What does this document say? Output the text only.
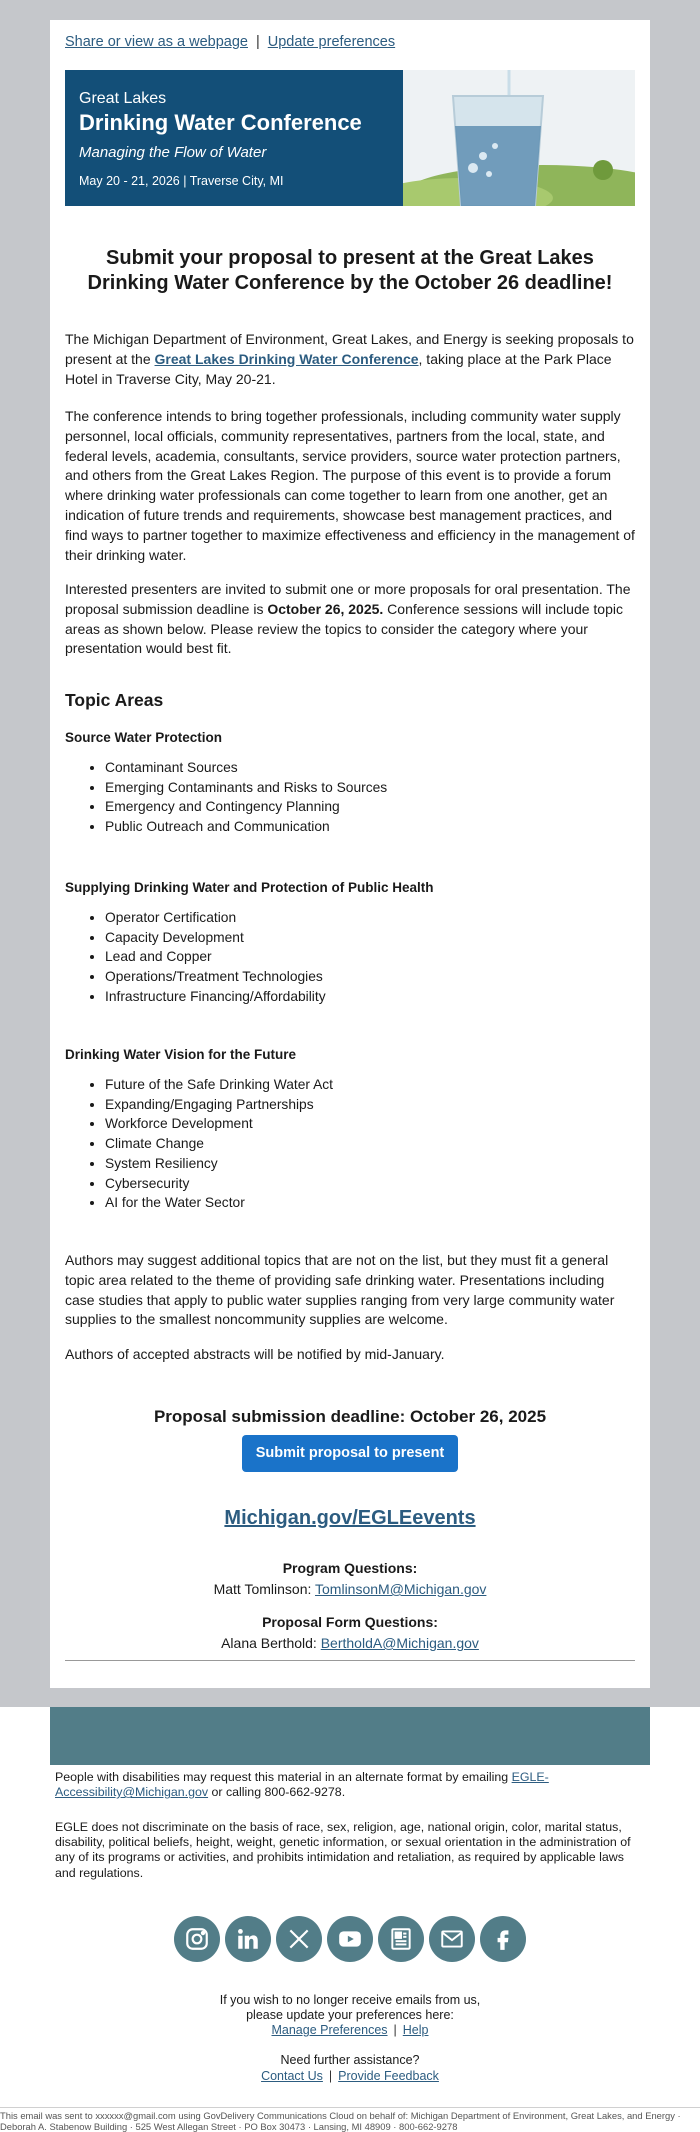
Share or view as a webpage | Update preferences
Great Lakes
Drinking Water Conference
Managing the Flow of Water
May 20 - 21, 2026 | Traverse City, MI
Submit your proposal to present at the Great Lakes Drinking Water Conference by the October 26 deadline!
The Michigan Department of Environment, Great Lakes, and Energy is seeking proposals to present at the Great Lakes Drinking Water Conference, taking place at the Park Place Hotel in Traverse City, May 20-21.
The conference intends to bring together professionals, including community water supply personnel, local officials, community representatives, partners from the local, state, and federal levels, academia, consultants, service providers, source water protection partners, and others from the Great Lakes Region. The purpose of this event is to provide a forum where drinking water professionals can come together to learn from one another, get an indication of future trends and requirements, showcase best management practices, and find ways to partner together to maximize effectiveness and efficiency in the management of their drinking water.
Interested presenters are invited to submit one or more proposals for oral presentation. The proposal submission deadline is October 26, 2025. Conference sessions will include topic areas as shown below. Please review the topics to consider the category where your presentation would best fit.
Topic Areas
Source Water Protection
• Contaminant Sources
• Emerging Contaminants and Risks to Sources
• Emergency and Contingency Planning
• Public Outreach and Communication
Supplying Drinking Water and Protection of Public Health
• Operator Certification
• Capacity Development
• Lead and Copper
• Operations/Treatment Technologies
• Infrastructure Financing/Affordability
Drinking Water Vision for the Future
• Future of the Safe Drinking Water Act
• Expanding/Engaging Partnerships
• Workforce Development
• Climate Change
• System Resiliency
• Cybersecurity
• AI for the Water Sector
Authors may suggest additional topics that are not on the list, but they must fit a general topic area related to the theme of providing safe drinking water. Presentations including case studies that apply to public water supplies ranging from very large community water supplies to the smallest noncommunity supplies are welcome.
Authors of accepted abstracts will be notified by mid-January.
Proposal submission deadline: October 26, 2025
Submit proposal to present
Michigan.gov/EGLEevents
Program Questions:
Matt Tomlinson: TomlinsonM@Michigan.gov
Proposal Form Questions:
Alana Berthold: BertholdA@Michigan.gov
People with disabilities may request this material in an alternate format by emailing EGLE-Accessibility@Michigan.gov or calling 800-662-9278.
EGLE does not discriminate on the basis of race, sex, religion, age, national origin, color, marital status, disability, political beliefs, height, weight, genetic information, or sexual orientation in the administration of any of its programs or activities, and prohibits intimidation and retaliation, as required by applicable laws and regulations.
If you wish to no longer receive emails from us,
please update your preferences here:
Manage Preferences | Help
Need further assistance?
Contact Us | Provide Feedback
This email was sent to xxxxxx@gmail.com using GovDelivery Communications Cloud on behalf of: Michigan Department of Environment, Great Lakes, and Energy · Deborah A. Stabenow Building · 525 West Allegan Street · PO Box 30473 · Lansing, MI 48909 · 800-662-9278
